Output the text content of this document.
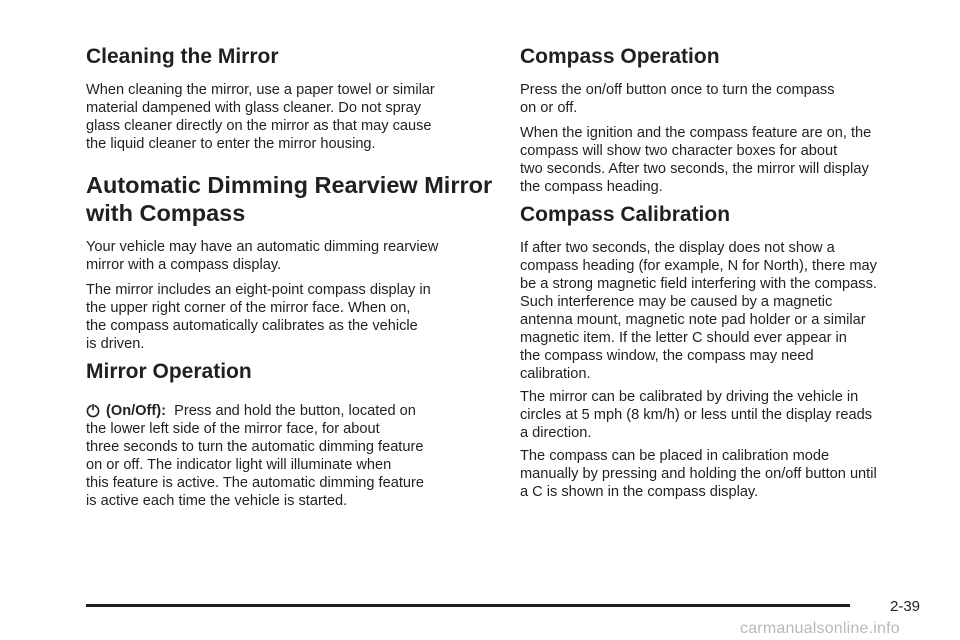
Cleaning the Mirror

When cleaning the mirror, use a paper towel or similar
material dampened with glass cleaner. Do not spray
glass cleaner directly on the mirror as that may cause
the liquid cleaner to enter the mirror housing.

Automatic Dimming Rearview Mirror
with Compass

Your vehicle may have an automatic dimming rearview
mirror with a compass display.

The mirror includes an eight-point compass display in
the upper right corner of the mirror face. When on,
the compass automatically calibrates as the vehicle
is driven.

Mirror Operation

(On/Off): Press and hold the button, located on
the lower left side of the mirror face, for about
three seconds to turn the automatic dimming feature
on or off. The indicator light will illuminate when
this feature is active. The automatic dimming feature
is active each time the vehicle is started.

Compass Operation

Press the on/off button once to turn the compass
on or off.

When the ignition and the compass feature are on, the
compass will show two character boxes for about
two seconds. After two seconds, the mirror will display
the compass heading.

Compass Calibration

If after two seconds, the display does not show a
compass heading (for example, N for North), there may
be a strong magnetic field interfering with the compass.
Such interference may be caused by a magnetic
antenna mount, magnetic note pad holder or a similar
magnetic item. If the letter C should ever appear in
the compass window, the compass may need
calibration.

The mirror can be calibrated by driving the vehicle in
circles at 5 mph (8 km/h) or less until the display reads
a direction.

The compass can be placed in calibration mode
manually by pressing and holding the on/off button until
a C is shown in the compass display.

2-39
carmanualsonline.info
